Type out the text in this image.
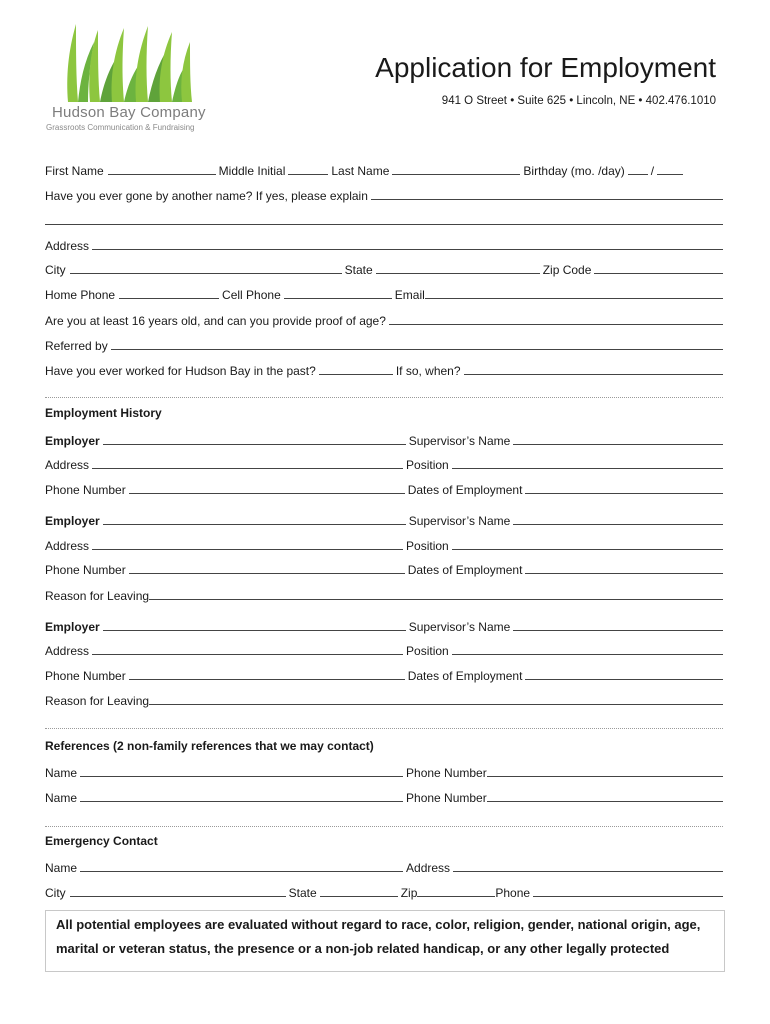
Hudson Bay Company
Grassroots Communication & Fundraising
Application for Employment
941 O Street • Suite 625 • Lincoln, NE • 402.476.1010
First Name	Middle Initial	Last Name	Birthday (mo. /day) /
Have you ever gone by another name? If yes, please explain
Address
City	State	Zip Code
Home Phone	Cell Phone	Email
Are you at least 16 years old, and can you provide proof of age?
Referred by
Have you ever worked for Hudson Bay in the past?	If so, when?
Employment History
Employer	Supervisor’s Name
Address	Position
Phone Number	Dates of Employment
Employer	Supervisor’s Name
Address	Position
Phone Number	Dates of Employment
Reason for Leaving
Employer	Supervisor’s Name
Address	Position
Phone Number	Dates of Employment
Reason for Leaving
References (2 non-family references that we may contact)
Name	Phone Number
Name	Phone Number
Emergency Contact
Name	Address
City	State	Zip	Phone
All potential employees are evaluated without regard to race, color, religion, gender, national origin, age, marital or veteran status, the presence or a non-job related handicap, or any other legally protected
